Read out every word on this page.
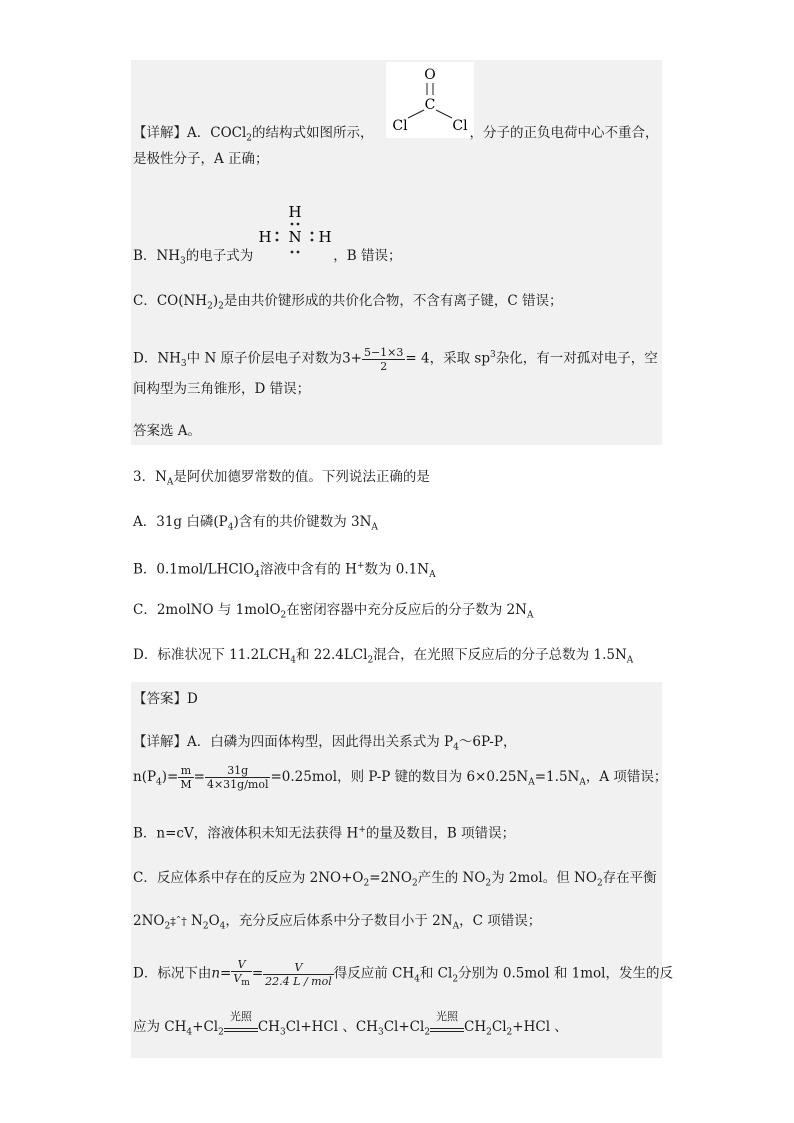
O
C
Cl	Cl
【详解】A．COCl$_2$的结构式如图所示，	，分子的正负电荷中心不重合，
是极性分子，A 正确；
H
H N H
B．$NH_3$的电子式为	，B 错误；
C．$CO(NH_2)_2$是由共价键形成的共价化合物，不含有离子键，C 错误；
D．$NH_3$中 N 原子价层电子对数为$3+ \frac{5-1\times 3}{2} = 4$，采取 $sp^3$杂化，有一对孤对电子，空
间构型为三角锥形，D 错误；
答案选 A。
3．$N_A$是阿伏加德罗常数的值。下列说法正确的是
A．31g 白磷$(P_4)$含有的共价键数为 $3N_A$
B．0.1mol/LHClO$_4$溶液中含有的 H+数为 $0.1N_A$
C．2molNO 与 1molO$_2$在密闭容器中充分反应后的分子数为 $2N_A$
D．标准状况下 $11.2LCH_4$和 22.4LCl$_2$混合，在光照下反应后的分子总数为 $1.5N_A$
【答案】D
【详解】A．白磷为四面体构型，因此得出关系式为 $P_4\sim 6P-P$，
$n(P_4)= \frac{m}{M} = \frac{31g}{\text{4×31g/mol}} =0.25mol$，则 P-P 键的数目为 $6\times 0.25N_A=1.5N_A$，A 项错误；
B．n=cV，溶液体积未知无法获得 H+的量及数目，B 项错误；
C．反应体系中存在的反应为 $2NO+O_2=2NO_2$产生的 $NO_2$为 2mol。但 $NO_2$存在平衡
$2NO_2\ddagger ˆ\dagger$ $N_2O_4$，充分反应后体系中分子数目小于 $2N_A$，C 项错误；
D．标况下由$n= \frac{V}{V_m} = \frac{V}{\text{22.4 L / mol}}$ 得反应前 $CH_4$和 $Cl_2$分别为 0.5mol 和 1mol，发生的反
应为 $CH_4+Cl_2$
光照
$CH_3Cl+HCl$ 、$CH_3Cl+Cl_2$
光照
$CH_2Cl_2+HCl$ 、
